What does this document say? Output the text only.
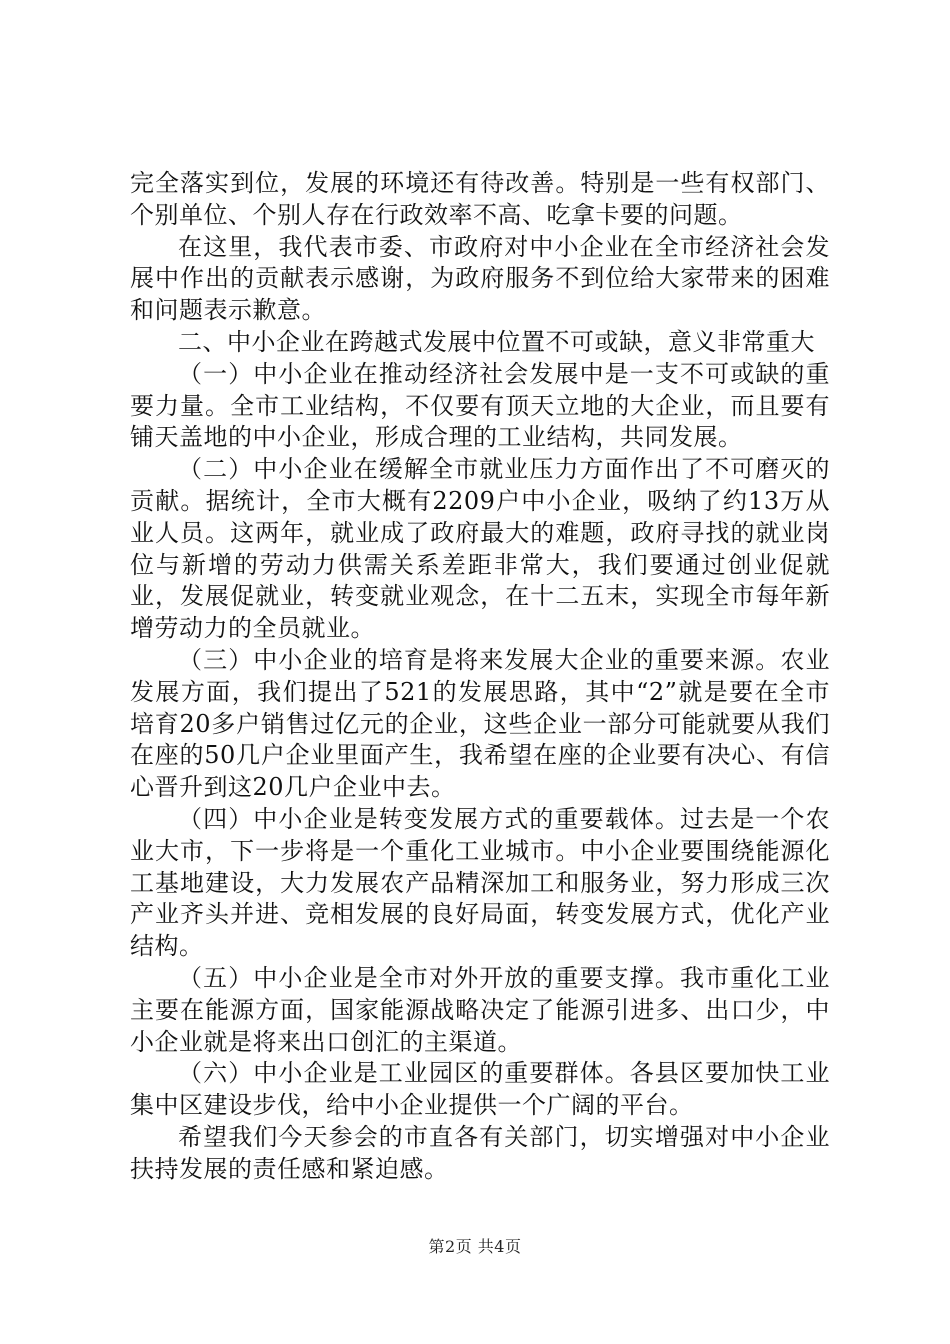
完全落实到位，发展的环境还有待改善。特别是一些有权部门、个别单位、个别人存在行政效率不高、吃拿卡要的问题。

在这里，我代表市委、市政府对中小企业在全市经济社会发展中作出的贡献表示感谢，为政府服务不到位给大家带来的困难和问题表示歉意。

二、中小企业在跨越式发展中位置不可或缺，意义非常重大

（一）中小企业在推动经济社会发展中是一支不可或缺的重要力量。全市工业结构，不仅要有顶天立地的大企业，而且要有铺天盖地的中小企业，形成合理的工业结构，共同发展。

（二）中小企业在缓解全市就业压力方面作出了不可磨灭的贡献。据统计，全市大概有2209户中小企业，吸纳了约13万从业人员。这两年，就业成了政府最大的难题，政府寻找的就业岗位与新增的劳动力供需关系差距非常大，我们要通过创业促就业，发展促就业，转变就业观念，在十二五末，实现全市每年新增劳动力的全员就业。

（三）中小企业的培育是将来发展大企业的重要来源。农业发展方面，我们提出了521的发展思路，其中“2”就是要在全市培育20多户销售过亿元的企业，这些企业一部分可能就要从我们在座的50几户企业里面产生，我希望在座的企业要有决心、有信心晋升到这20几户企业中去。

（四）中小企业是转变发展方式的重要载体。过去是一个农业大市，下一步将是一个重化工业城市。中小企业要围绕能源化工基地建设，大力发展农产品精深加工和服务业，努力形成三次产业齐头并进、竞相发展的良好局面，转变发展方式，优化产业结构。

（五）中小企业是全市对外开放的重要支撑。我市重化工业主要在能源方面，国家能源战略决定了能源引进多、出口少，中小企业就是将来出口创汇的主渠道。

（六）中小企业是工业园区的重要群体。各县区要加快工业集中区建设步伐，给中小企业提供一个广阔的平台。

希望我们今天参会的市直各有关部门，切实增强对中小企业扶持发展的责任感和紧迫感。

第2页 共4页
